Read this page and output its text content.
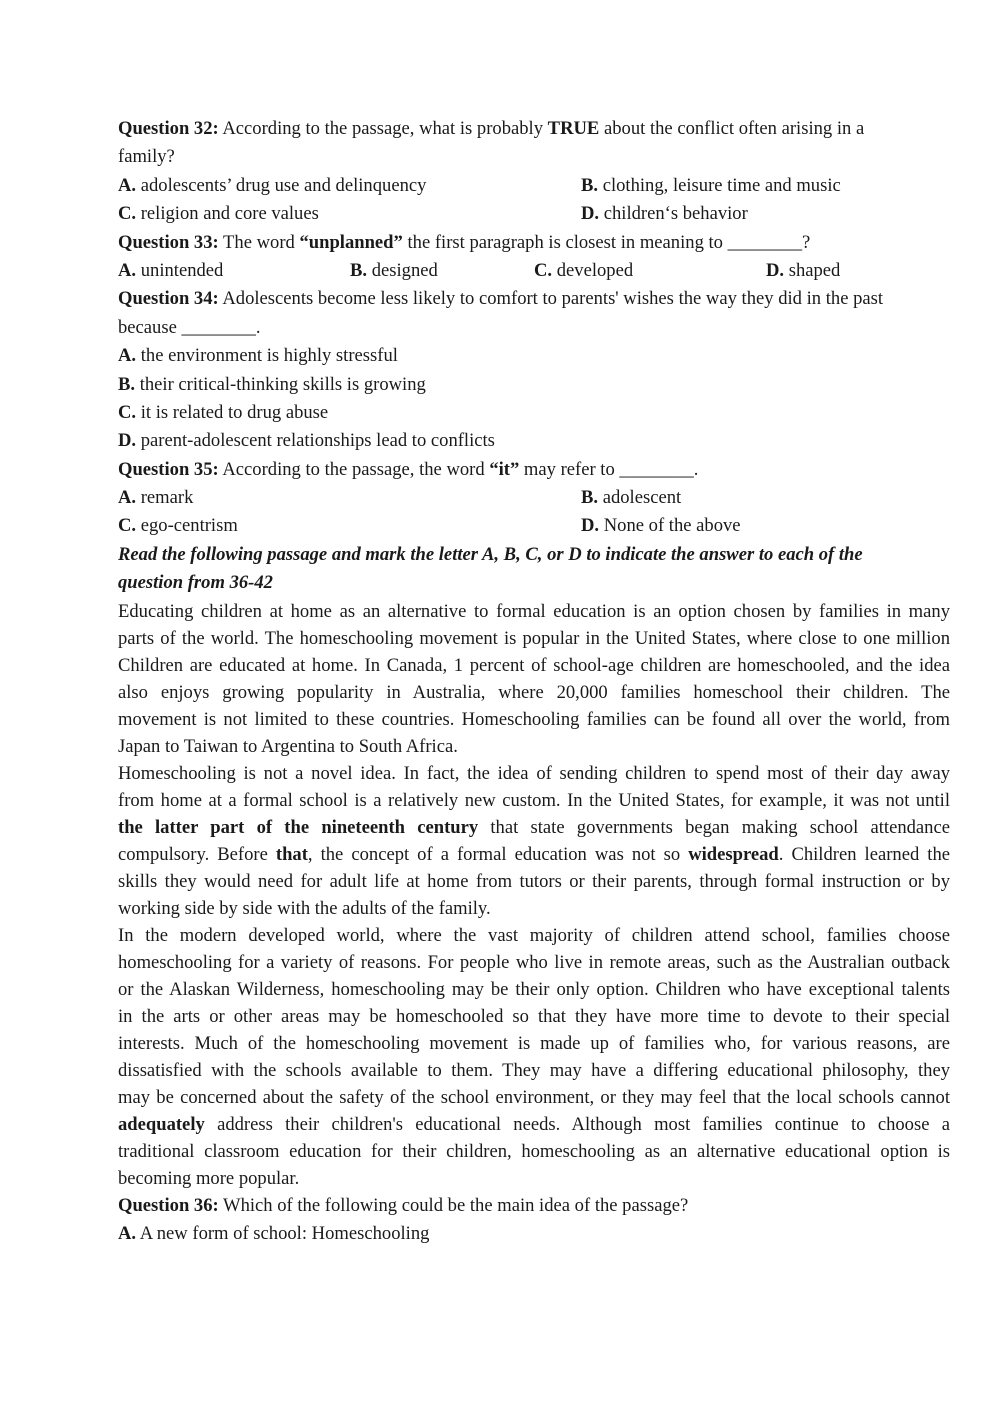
Question 32: According to the passage, what is probably TRUE about the conflict often arising in a
family?
A. adolescents’ drug use and delinquency	B. clothing, leisure time and music
C. religion and core values	D. children‘s behavior
Question 33: The word “unplanned” the first paragraph is closest in meaning to ________?
A. unintended	B. designed	C. developed	D. shaped
Question 34: Adolescents become less likely to comfort to parents' wishes the way they did in the past
because ________.
A. the environment is highly stressful
B. their critical-thinking skills is growing
C. it is related to drug abuse
D. parent-adolescent relationships lead to conflicts
Question 35: According to the passage, the word “it” may refer to ________.
A. remark	B. adolescent
C. ego-centrism	D. None of the above
Read the following passage and mark the letter A, B, C, or D to indicate the answer to each of the
question from 36-42
Educating children at home as an alternative to formal education is an option chosen by families in many
parts of the world. The homeschooling movement is popular in the United States, where close to one million
Children are educated at home. In Canada, 1 percent of school-age children are homeschooled, and the idea
also enjoys growing popularity in Australia, where 20,000 families homeschool their children. The
movement is not limited to these countries. Homeschooling families can be found all over the world, from
Japan to Taiwan to Argentina to South Africa.
Homeschooling is not a novel idea. In fact, the idea of sending children to spend most of their day away
from home at a formal school is a relatively new custom. In the United States, for example, it was not until
the latter part of the nineteenth century that state governments began making school attendance
compulsory. Before that, the concept of a formal education was not so widespread. Children learned the
skills they would need for adult life at home from tutors or their parents, through formal instruction or by
working side by side with the adults of the family.
In the modern developed world, where the vast majority of children attend school, families choose
homeschooling for a variety of reasons. For people who live in remote areas, such as the Australian outback
or the Alaskan Wilderness, homeschooling may be their only option. Children who have exceptional talents
in the arts or other areas may be homeschooled so that they have more time to devote to their special
interests. Much of the homeschooling movement is made up of families who, for various reasons, are
dissatisfied with the schools available to them. They may have a differing educational philosophy, they
may be concerned about the safety of the school environment, or they may feel that the local schools cannot
adequately address their children's educational needs. Although most families continue to choose a
traditional classroom education for their children, homeschooling as an alternative educational option is
becoming more popular.
Question 36: Which of the following could be the main idea of the passage?
A. A new form of school: Homeschooling
